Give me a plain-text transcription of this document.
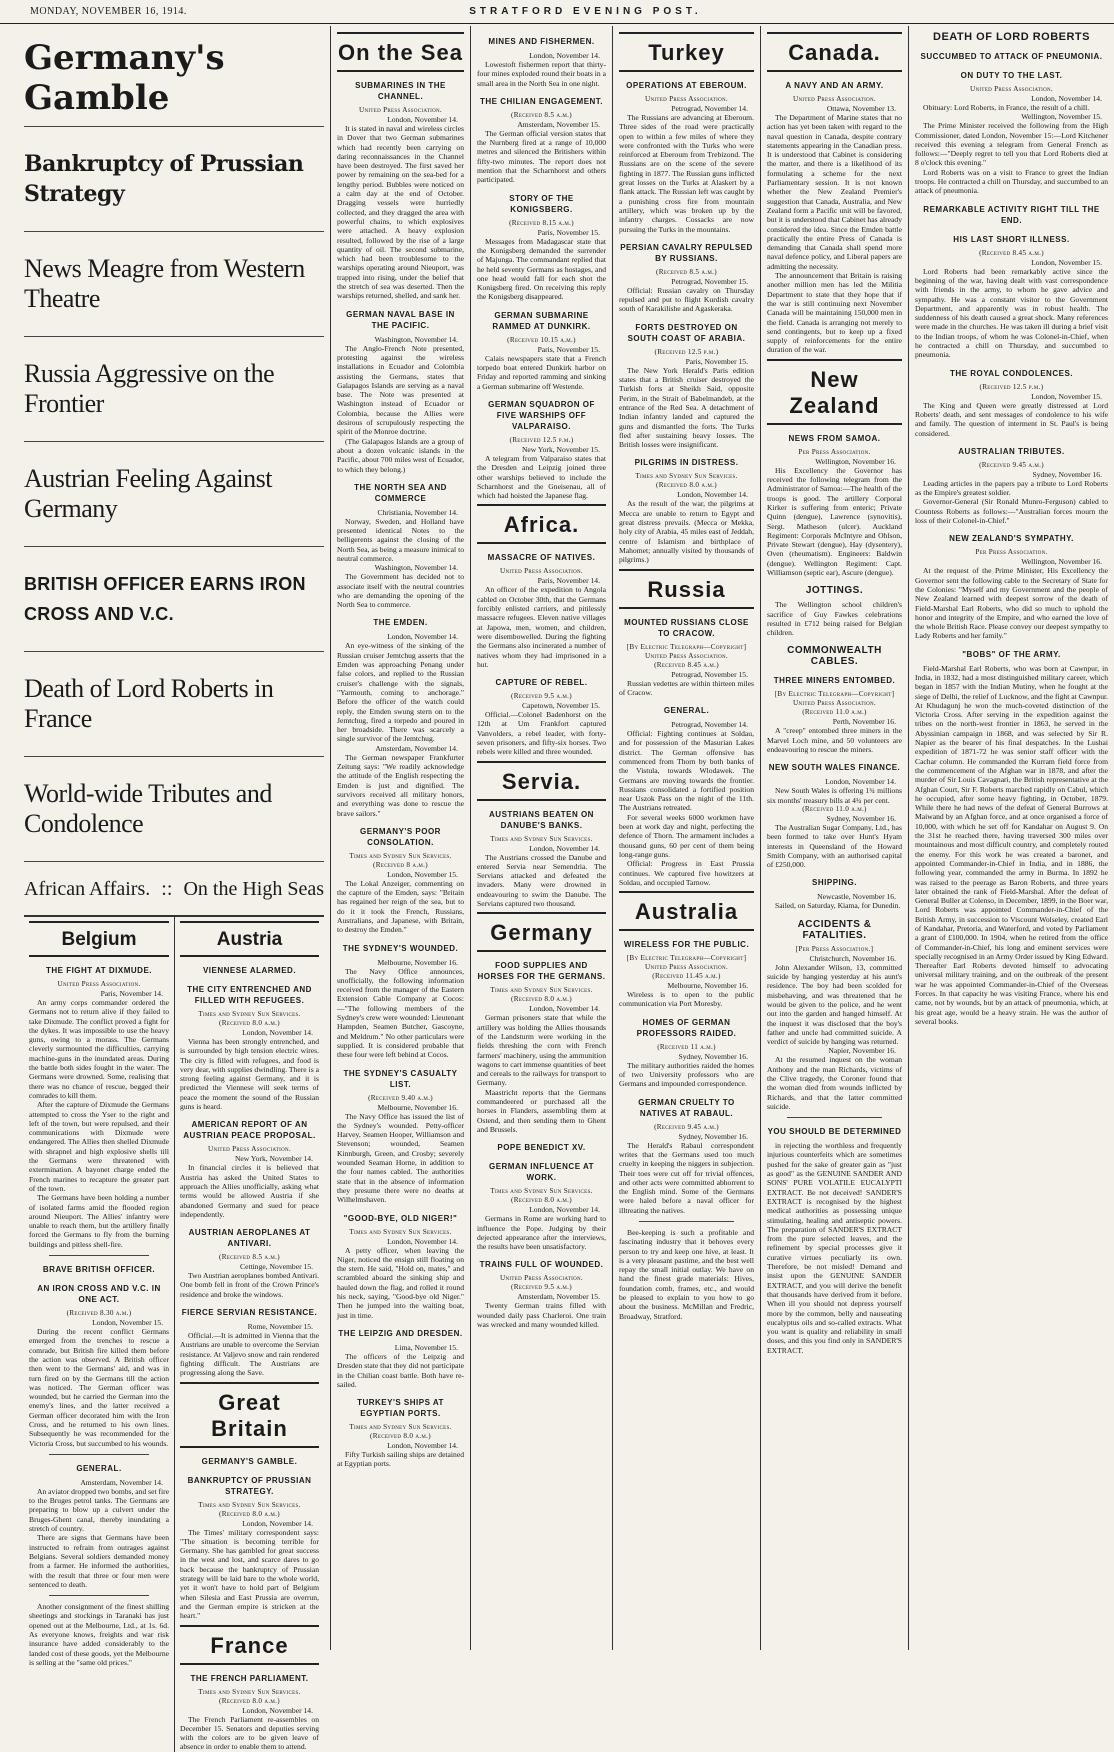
MONDAY, NOVEMBER 16, 1914.	STRATFORD EVENING POST.
Germany's Gamble
Bankruptcy of Prussian Strategy
News Meagre from Western Theatre
Russia Aggressive on the Frontier
Austrian Feeling Against Germany
BRITISH OFFICER EARNS IRON CROSS AND V.C.
Death of Lord Roberts in France
World-wide Tributes and Condolence
African Affairs. :: On the High Seas
Belgium
THE FIGHT AT DIXMUDE.
United Press Association.
Paris, November 14.

An army corps commander ordered the Germans not to return alive if they failed to take Dixmude. The conflict proved a fight for the dykes. It was impossible to use the heavy guns, owing to a morass. The Germans cleverly surmounted the difficulties, carrying machine-guns in the inundated areas. During the battle both sides fought in the water. The Germans were drowned. Some, realising that there was no chance of rescue, begged their comrades to kill them.

After the capture of Dixmude the Germans attempted to cross the Yser to the right and left of the town, but were repulsed, and their communications with Dixmude were endangered. The Allies then shelled Dixmude with shrapnel and high explosive shells till the Germans were threatened with extermination. A bayonet charge ended the French marines to recapture the greater part of the town.

The Germans have been holding a number of isolated farms amid the flooded region around Nieuport. The Allies' infantry were unable to reach them, but the artillery finally forced the Germans to fly from the burning buildings and pitless shell-fire.

BRAVE BRITISH OFFICER.
AN IRON CROSS AND V.C. IN ONE ACT.
(Received 8.30 a.m.)
London, November 15.

During the recent conflict Germans emerged from the trenches to rescue a comrade, but British fire killed them before the action was observed. A British officer then went to the Germans' aid, and was in turn fired on by the Germans till the action was noticed. The German officer was wounded, but he carried the German into the enemy's lines, and the latter received a German officer decorated him with the Iron Cross, and he returned to his own lines. Subsequently he was recommended for the Victoria Cross, but succumbed to his wounds.

GENERAL.
Amsterdam, November 14.

An aviator dropped two bombs, and set fire to the Bruges petrol tanks. The Germans are preparing to blow up a culvert under the Bruges-Ghent canal, thereby inundating a stretch of country.

There are signs that Germans have been instructed to refrain from outrages against Belgians. Several soldiers demanded money from a farmer. He informed the authorities, with the result that three or four men were sentenced to death.

Another consignment of the finest shilling sheetings and stockings in Taranaki has just opened out at the Melbourne, Ltd., at 1s. 6d. As everyone knows, freights and war risk insurance have added considerably to the landed cost of these goods, yet the Melbourne is selling at the "same old prices."

Austria
VIENNESE ALARMED.
THE CITY ENTRENCHED AND FILLED WITH REFUGEES.
Times and Sydney Sun Services.
(Received 8.0 a.m.)
London, November 14.

Vienna has been strongly entrenched, and is surrounded by high tension electric wires. The city is filled with refugees, and food is very dear, with supplies dwindling. There is a strong feeling against Germany, and it is predicted the Viennese will seek terms of peace the moment the sound of the Russian guns is heard.

AMERICAN REPORT OF AN AUSTRIAN PEACE PROPOSAL.
United Press Association.
New York, November 14.

In financial circles it is believed that Austria has asked the United States to approach the Allies unofficially, asking what terms would be allowed Austria if she abandoned Germany and sued for peace independently.

AUSTRIAN AEROPLANES AT ANTIVARI.
(Received 8.5 a.m.)
Cettinge, November 15.

Two Austrian aeroplanes bombed Antivari. One bomb fell in front of the Crown Prince's residence and broke the windows.

FIERCE SERVIAN RESISTANCE.
Rome, November 15.

Official.—It is admitted in Vienna that the Austrians are unable to overcome the Servian resistance. At Valjevo snow and rain rendered fighting difficult. The Austrians are progressing along the Save.

Great Britain
GERMANY'S GAMBLE.
BANKRUPTCY OF PRUSSIAN STRATEGY.
Times and Sydney Sun Services.
(Received 8.0 a.m.)
London, November 14.

The Times' military correspondent says: "The situation is becoming terrible for Germany. She has gambled for great success in the west and lost, and scarce dares to go back because the bankruptcy of Prussian strategy will be laid bare to the whole world, yet it won't have to hold part of Belgium when Silesia and East Prussia are overrun, and the German empire is stricken at the heart."

France
THE FRENCH PARLIAMENT.
Times and Sydney Sun Services.
(Received 8.0 a.m.)
London, November 14.

The French Parliament re-assembles on December 15. Senators and deputies serving with the colors are to be given leave of absence in order to enable them to attend.

On the Sea
SUBMARINES IN THE CHANNEL.
United Press Association.
London, November 14.

It is stated in naval and wireless circles in Dover that two German submarines which had recently been carrying on daring reconnaissances in the Channel have been destroyed. The first saved her power by remaining on the sea-bed for a lengthy period. Bubbles were noticed on a calm day at the end of October. Dragging vessels were hurriedly collected, and they dragged the area with powerful chains, to which explosives were attached. A heavy explosion resulted, followed by the rise of a large quantity of oil. The second submarine, which had been troublesome to the warships operating around Nieuport, was trapped into rising, under the belief that the stretch of sea was deserted. Then the warships returned, shelled, and sank her.

GERMAN NAVAL BASE IN THE PACIFIC.
Washington, November 14.

The Anglo-French Note presented, protesting against the wireless installations in Ecuador and Colombia assisting the Germans, states that Galapagos Islands are serving as a naval base. The Note was presented at Washington instead of Ecuador or Colombia, because the Allies were desirous of scrupulously respecting the spirit of the Monroe doctrine.

(The Galapagos Islands are a group of about a dozen volcanic islands in the Pacific, about 700 miles west of Ecuador, to which they belong.)

THE NORTH SEA AND COMMERCE
Christiania, November 14.

Norway, Sweden, and Holland have presented identical Notes to the belligerents against the closing of the North Sea, as being a measure inimical to neutral commerce.

Washington, November 14.

The Government has decided not to associate itself with the neutral countries who are demanding the opening of the North Sea to commerce.

THE EMDEN.
London, November 14.

An eye-witness of the sinking of the Russian cruiser Jemtchug asserts that the Emden was approaching Penang under false colors, and replied to the Russian cruiser's challenge with the signals, "Yarmouth, coming to anchorage." Before the officer of the watch could reply, the Emden swung stern on to the Jemtchug, fired a torpedo and poured in her broadside. There was scarcely a single survivor of the Jemtchug.

Amsterdam, November 14.

The German newspaper Frankfurter Zeitung says: "We readily acknowledge the attitude of the English respecting the Emden is just and dignified. The survivors received all military honors, and everything was done to rescue the brave sailors."

GERMANY'S POOR CONSOLATION.
Times and Sydney Sun Services.
(Received 8 a.m.)
London, November 15.

The Lokal Anzeiger, commenting on the capture of the Emden, says: "Britain has regained her reign of the sea, but to do it it took the French, Russians, Australians, and Japanese, with Britain, to destroy the Emden."

THE SYDNEY'S WOUNDED.
Melbourne, November 16.

The Navy Office announces, unofficially, the following information received from the manager of the Eastern Extension Cable Company at Cocos:—"The following members of the Sydney's crew were wounded: Lieutenant Hampden, Seamen Butcher, Gascoyne, and Meldrum." No other particulars were supplied. It is considered probable that these four were left behind at Cocos.

THE SYDNEY'S CASUALTY LIST.
(Received 9.40 a.m.)
Melbourne, November 16.

The Navy Office has issued the list of the Sydney's wounded. Petty-officer Harvey, Seamen Hooper, Williamson and Stevenson; wounded, Seamen Kinnburgh, Green, and Crosby; severely wounded Seaman Horne, in addition to the four names cabled. The authorities state that in the absence of information they presume there were no deaths at Wilhelmshaven.

"GOOD-BYE, OLD NIGER!"
Times and Sydney Sun Services.
London, November 14.

A petty officer, when leaving the Niger, noticed the ensign still floating on the stern. He said, "Hold on, mates," and scrambled aboard the sinking ship and hauled down the flag, and rolled it round his neck, saying, "Good-bye old Niger." Then he jumped into the waiting boat, just in time.

THE LEIPZIG AND DRESDEN.
Lima, November 15.

The officers of the Leipzig and Dresden state that they did not participate in the Chilian coast battle. Both have re-sailed.

TURKEY'S SHIPS AT EGYPTIAN PORTS.
Times and Sydney Sun Services.
(Received 8.0 a.m.)
London, November 14.

Fifty Turkish sailing ships are detained at Egyptian ports.

MINES AND FISHERMEN.
London, November 14.

Lowestoft fishermen report that thirty-four mines exploded round their boats in a small area in the North Sea in one night.

THE CHILIAN ENGAGEMENT.
(Received 8.5 a.m.)
Amsterdam, November 15.

The German official version states that the Nurnberg fired at a range of 10,000 metres and silenced the Britishers within fifty-two minutes. The report does not mention that the Scharnhorst and others participated.

STORY OF THE KONIGSBERG.
(Received 8.15 a.m.)
Paris, November 15.

Messages from Madagascar state that the Konigsberg demanded the surrender of Majunga. The commandant replied that he held seventy Germans as hostages, and one head would fall for each shot the Konigsberg fired. On receiving this reply the Konigsberg disappeared.

GERMAN SUBMARINE RAMMED AT DUNKIRK.
(Received 10.15 a.m.)
Paris, November 15.

Calais newspapers state that a French torpedo boat entered Dunkirk harbor on Friday and reported ramming and sinking a German submarine off Westende.

GERMAN SQUADRON OF FIVE WARSHIPS OFF VALPARAISO.
(Received 12.5 p.m.)
New York, November 15.

A telegram from Valparaiso states that the Dresden and Leipzig joined three other warships believed to include the Scharnhorst and the Gneisenau, all of which had hoisted the Japanese flag.

Africa.
MASSACRE OF NATIVES.
United Press Association.
Paris, November 14.

An officer of the expedition to Angola cabled on October 30th, that the Germans forcibly enlisted carriers, and pitilessly massacre refugees. Eleven native villages at Japowa, men, women, and children, were disembowelled. During the fighting the Germans also incinerated a number of natives whom they had imprisoned in a hut.

CAPTURE OF REBEL.
(Received 9.5 a.m.)
Capetown, November 15.

Official.—Colonel Badenhorst on the 12th at Um Frankfort captured Vanvolders, a rebel leader, with forty-seven prisoners, and fifty-six horses. Two rebels were killed and three wounded.

Servia.
AUSTRIANS BEATEN ON DANUBE'S BANKS.
Times and Sydney Sun Services.
London, November 14.

The Austrians crossed the Danube and entered Servia near Semendria. The Servians attacked and defeated the invaders. Many were drowned in endeavouring to swim the Danube. The Servians captured two thousand.

Germany
FOOD SUPPLIES AND HORSES FOR THE GERMANS.
Times and Sydney Sun Services.
(Received 8.0 a.m.)
London, November 14.

German prisoners state that while the artillery was holding the Allies thousands of the Landsturm were working in the fields threshing the corn with French farmers' machinery, using the ammunition wagons to cart immense quantities of beet and cereals to the railways for transport to Germany.

Maastricht reports that the Germans commandeered or purchased all the horses in Flanders, assembling them at Ostend, and then sending them to Ghent and Brussels.

POPE BENEDICT XV.
GERMAN INFLUENCE AT WORK.
Times and Sydney Sun Services.
(Received 8.0 a.m.)
London, November 14.

Germans in Rome are working hard to influence the Pope. Judging by their dejected appearance after the interviews, the results have been unsatisfactory.

TRAINS FULL OF WOUNDED.
United Press Association.
(Received 9.5 a.m.)
Amsterdam, November 15.

Twenty German trains filled with wounded daily pass Charleroi. One train was wrecked and many wounded killed.

Turkey
OPERATIONS AT EBEROUM.
United Press Association.
Petrograd, November 14.

The Russians are advancing at Eberoum. Three sides of the road were practically open to within a few miles of where they were confronted with the Turks who were reinforced at Eberoum from Trebizond. The Russians are on the scene of the severe fighting in 1877. The Russian guns inflicted great losses on the Turks at Alaskert by a flank attack. The Russian left was caught by a punishing cross fire from mountain artillery, which was broken up by the infantry charges. Cossacks are now pursuing the Turks in the mountains.

PERSIAN CAVALRY REPULSED BY RUSSIANS.
(Received 8.5 a.m.)
Petrograd, November 15.

Official: Russian cavalry on Thursday repulsed and put to flight Kurdish cavalry south of Karakilishe and Agaskeraka.

FORTS DESTROYED ON SOUTH COAST OF ARABIA.
(Received 12.5 p.m.)
Paris, November 15.

The New York Herald's Paris edition states that a British cruiser destroyed the Turkish forts at Sheikh Said, opposite Perim, in the Strait of Babelmandeb, at the entrance of the Red Sea. A detachment of Indian infantry landed and captured the guns and dismantled the forts. The Turks fled after sustaining heavy losses. The British losses were insignificant.

PILGRIMS IN DISTRESS.
Times and Sydney Sun Services.
(Received 8.0 a.m.)
London, November 14.

As the result of the war, the pilgrims at Mecca are unable to return to Egypt and great distress prevails. (Mecca or Mekka, holy city of Arabia, 45 miles east of Jeddah, centre of Islamism and birthplace of Mahomet; annually visited by thousands of pilgrims.)

Russia
MOUNTED RUSSIANS CLOSE TO CRACOW.
[By Electric Telegraph—Copyright] United Press Association.
(Received 8.45 a.m.)
Petrograd, November 15.

Russian vedettes are within thirteen miles of Cracow.

GENERAL.
Petrograd, November 14.

Official: Fighting continues at Soldau, and for possession of the Masurian Lakes district. The German offensive has commenced from Thorn by both banks of the Vistula, towards Wlodawek. The Germans are moving towards the frontier. Russians consolidated a fortified position near Uszok Pass on the night of the 11th. The Austrians retreated.

For several weeks 6000 workmen have been at work day and night, perfecting the defence of Thorn. The armament includes a thousand guns, 60 per cent of them being long-range guns.

Official: Progress in East Prussia continues. We captured five howitzers at Soldau, and occupied Tarnow.

Australia
WIRELESS FOR THE PUBLIC.
[By Electric Telegraph—Copyright] United Press Association.
(Received 11.45 a.m.)
Melbourne, November 16.

Wireless is to open to the public communication via Port Moresby.

HOMES OF GERMAN PROFESSORS RAIDED.
(Received 11 a.m.)
Sydney, November 16.

The military authorities raided the homes of two University professors who are Germans and impounded correspondence.

GERMAN CRUELTY TO NATIVES AT RABAUL.
(Received 9.45 a.m.)
Sydney, November 16.

The Herald's Rabaul correspondent writes that the Germans used too much cruelty in keeping the niggers in subjection. Their toes were cut off for trivial offences, and other acts were committed abhorrent to the English mind. Some of the Germans were haled before a naval officer for illtreating the natives.

Bee-keeping is such a profitable and fascinating industry that it behoves every person to try and keep one hive, at least. It is a very pleasant pastime, and the best well repay the small initial outlay. We have on hand the finest grade materials: Hives, foundation comb, frames, etc., and would be pleased to explain to you how to go about the business. McMillan and Fredric, Broadway, Stratford.

Canada.
A NAVY AND AN ARMY.
United Press Association.
Ottawa, November 13.

The Department of Marine states that no action has yet been taken with regard to the naval question in Canada, despite contrary statements appearing in the Canadian press. It is understood that Cabinet is considering the matter, and there is a likelihood of its formulating a scheme for the next Parliamentary session. It is not known whether the New Zealand Premier's suggestion that Canada, Australia, and New Zealand form a Pacific unit will be favored, but it is understood that Cabinet has already considered the idea. Since the Emden battle practically the entire Press of Canada is demanding that Canada shall spend more naval defence policy, and Liberal papers are admitting the necessity.

The announcement that Britain is raising another million men has led the Militia Department to state that they hope that if the war is still continuing next November Canada will be maintaining 150,000 men in the field. Canada is arranging not merely to send contingents, but to keep up a fixed supply of reinforcements for the entire duration of the war.

New Zealand
NEWS FROM SAMOA.
Per Press Association.
Wellington, November 16.

His Excellency the Governor has received the following telegram from the Administrator of Samoa:—The health of the troops is good. The artillery Corporal Kirker is suffering from enteric; Private Quinn (dengue), Lawrence (synovitis), Sergt. Matheson (ulcer). Auckland Regiment: Corporals McIntyre and Ohlson, Private Stewart (dengue), Hay (dysentery), Oven (rheumatism). Engineers: Baldwin (dengue). Wellington Regiment: Capt. Williamson (septic ear), Ascure (dengue).

JOTTINGS.

The Wellington school children's sacrifice of Guy Fawkes celebrations resulted in £712 being raised for Belgian children.

COMMONWEALTH CABLES.
THREE MINERS ENTOMBED.
[By Electric Telegraph—Copyright] United Press Association.
(Received 11.0 a.m.)
Perth, November 16.

A "creep" entombed three miners in the Marvel Loch mine, and 50 volunteers are endeavouring to rescue the miners.

NEW SOUTH WALES FINANCE.
London, November 14.

New South Wales is offering 1¾ millions six months' treasury bills at 4¾ per cent.

(Received 11.0 a.m.)
Sydney, November 16.

The Australian Sugar Company, Ltd., has been formed to take over Hunt's Hyam interests in Queensland of the Howard Smith Company, with an authorised capital of £250,000.

SHIPPING.
Newcastle, November 16.

Sailed, on Saturday, Kiama, for Dunedin.

ACCIDENTS & FATALITIES.
[Per Press Association.]
Christchurch, November 16.

John Alexander Wilson, 13, committed suicide by hanging yesterday at his aunt's residence. The boy had been scolded for misbehaving, and was threatened that he would be given to the police, and he went out into the garden and hanged himself. At the inquest it was disclosed that the boy's father and uncle had committed suicide. A verdict of suicide by hanging was returned.

Napier, November 16.

At the resumed inquest on the woman Anthony and the man Richards, victims of the Clive tragedy, the Coroner found that the woman died from wounds inflicted by Richards, and that the latter committed suicide.

YOU SHOULD BE DETERMINED

in rejecting the worthless and frequently injurious counterfeits which are sometimes pushed for the sake of greater gain as "just as good" as the GENUINE SANDER AND SONS' PURE VOLATILE EUCALYPTI EXTRACT. Be not deceived! SANDER'S EXTRACT is recognised by the highest medical authorities as possessing unique stimulating, healing and antiseptic powers. The preparation of SANDER'S EXTRACT from the pure selected leaves, and the refinement by special processes give it curative virtues peculiarly its own. Therefore, be not misled! Demand and insist upon the GENUINE SANDER EXTRACT, and you will derive the benefit that thousands have derived from it before. When ill you should not depress yourself more by the common, belly and nauseating eucalyptus oils and so-called extracts. What you want is quality and reliability in small doses, and this you find only in SANDER'S EXTRACT.

DEATH OF LORD ROBERTS
SUCCUMBED TO ATTACK OF PNEUMONIA.
ON DUTY TO THE LAST.
United Press Association.
London, November 14.

Obituary: Lord Roberts, in France, the result of a chill.

Wellington, November 15.

The Prime Minister received the following from the High Commissioner, dated London, November 15:—Lord Kitchener received this evening a telegram from General French as follows:—"Deeply regret to tell you that Lord Roberts died at 8 o'clock this evening."

Lord Roberts was on a visit to France to greet the Indian troops. He contracted a chill on Thursday, and succumbed to an attack of pneumonia.

REMARKABLE ACTIVITY RIGHT TILL THE END.
HIS LAST SHORT ILLNESS.
(Received 8.45 a.m.)
London, November 15.

Lord Roberts had been remarkably active since the beginning of the war, having dealt with vast correspondence with friends in the army, to whom he gave advice and sympathy. He was a constant visitor to the Government Department, and apparently was in robust health. The suddenness of his death caused a great shock. Many references were made in the churches. He was taken ill during a brief visit to the Indian troops, of whom he was Colonel-in-Chief, when he contracted a chill on Thursday, and succumbed to pneumonia.

THE ROYAL CONDOLENCES.
(Received 12.5 p.m.)
London, November 15.

The King and Queen were greatly distressed at Lord Roberts' death, and sent messages of condolence to his wife and family. The question of interment in St. Paul's is being considered.

AUSTRALIAN TRIBUTES.
(Received 9.45 a.m.)
Sydney, November 16.

Leading articles in the papers pay a tribute to Lord Roberts as the Empire's greatest soldier.

Governor-General (Sir Ronald Munro-Ferguson) cabled to Countess Roberts as follows:—"Australian forces mourn the loss of their Colonel-in-Chief."

NEW ZEALAND'S SYMPATHY.
Per Press Association.
Wellington, November 16.

At the request of the Prime Minister, His Excellency the Governor sent the following cable to the Secretary of State for the Colonies: "Myself and my Government and the people of New Zealand learned with deepest sorrow of the death of Field-Marshal Earl Roberts, who did so much to uphold the honor and integrity of the Empire, and who earned the love of the whole British Race. Please convey our deepest sympathy to Lady Roberts and her family."

"BOBS" OF THE ARMY.

Field-Marshal Earl Roberts, who was born at Cawnpur, in India, in 1832, had a most distinguished military career, which began in 1857 with the Indian Mutiny, when he fought at the siege of Delhi, the relief of Lucknow, and the fight at Cawnpur. At Khudagunj he won the much-coveted distinction of the Victoria Cross. After serving in the expedition against the tribes on the north-west frontier in 1863, he served in the Abyssinian campaign in 1868, and was selected by Sir R. Napier as the bearer of his final despatches. In the Lushai expedition of 1871-72 he was senior staff officer with the Cachar column. He commanded the Kurram field force from the commencement of the Afghan war in 1878, and after the murder of Sir Louis Cavagnari, the British representative at the Afghan Court, Sir F. Roberts marched rapidly on Cabul, which he occupied, after some heavy fighting, in October, 1879. While there he had news of the defeat of General Burrows at Maiwand by an Afghan force, and at once organised a force of 10,000, with which he set off for Kandahar on August 9. On the 31st he reached there, having traversed 300 miles over mountainous and most difficult country, and completely routed the enemy. For this work he was created a baronet, and appointed Commander-in-Chief in India, and in 1886, the following year, commanded the army in Burma. In 1892 he was raised to the peerage as Baron Roberts, and three years later obtained the rank of Field-Marshal. After the defeat of General Buller at Colenso, in December, 1899, in the Boer war, Lord Roberts was appointed Commander-in-Chief of the British Army, in succession to Viscount Wolseley, created Earl of Kandahar, Pretoria, and Waterford, and voted by Parliament a grant of £100,000. In 1904, when he retired from the office of Commander-in-Chief, his long and eminent services were specially recognised in an Army Order issued by King Edward. Thereafter Earl Roberts devoted himself to advocating universal military training, and on the outbreak of the present war he was appointed Commander-in-Chief of the Overseas Forces. In that capacity he was visiting France, where his end came, not by wounds, but by an attack of pneumonia, which, at his great age, would be a heavy strain. He was the author of several books.
